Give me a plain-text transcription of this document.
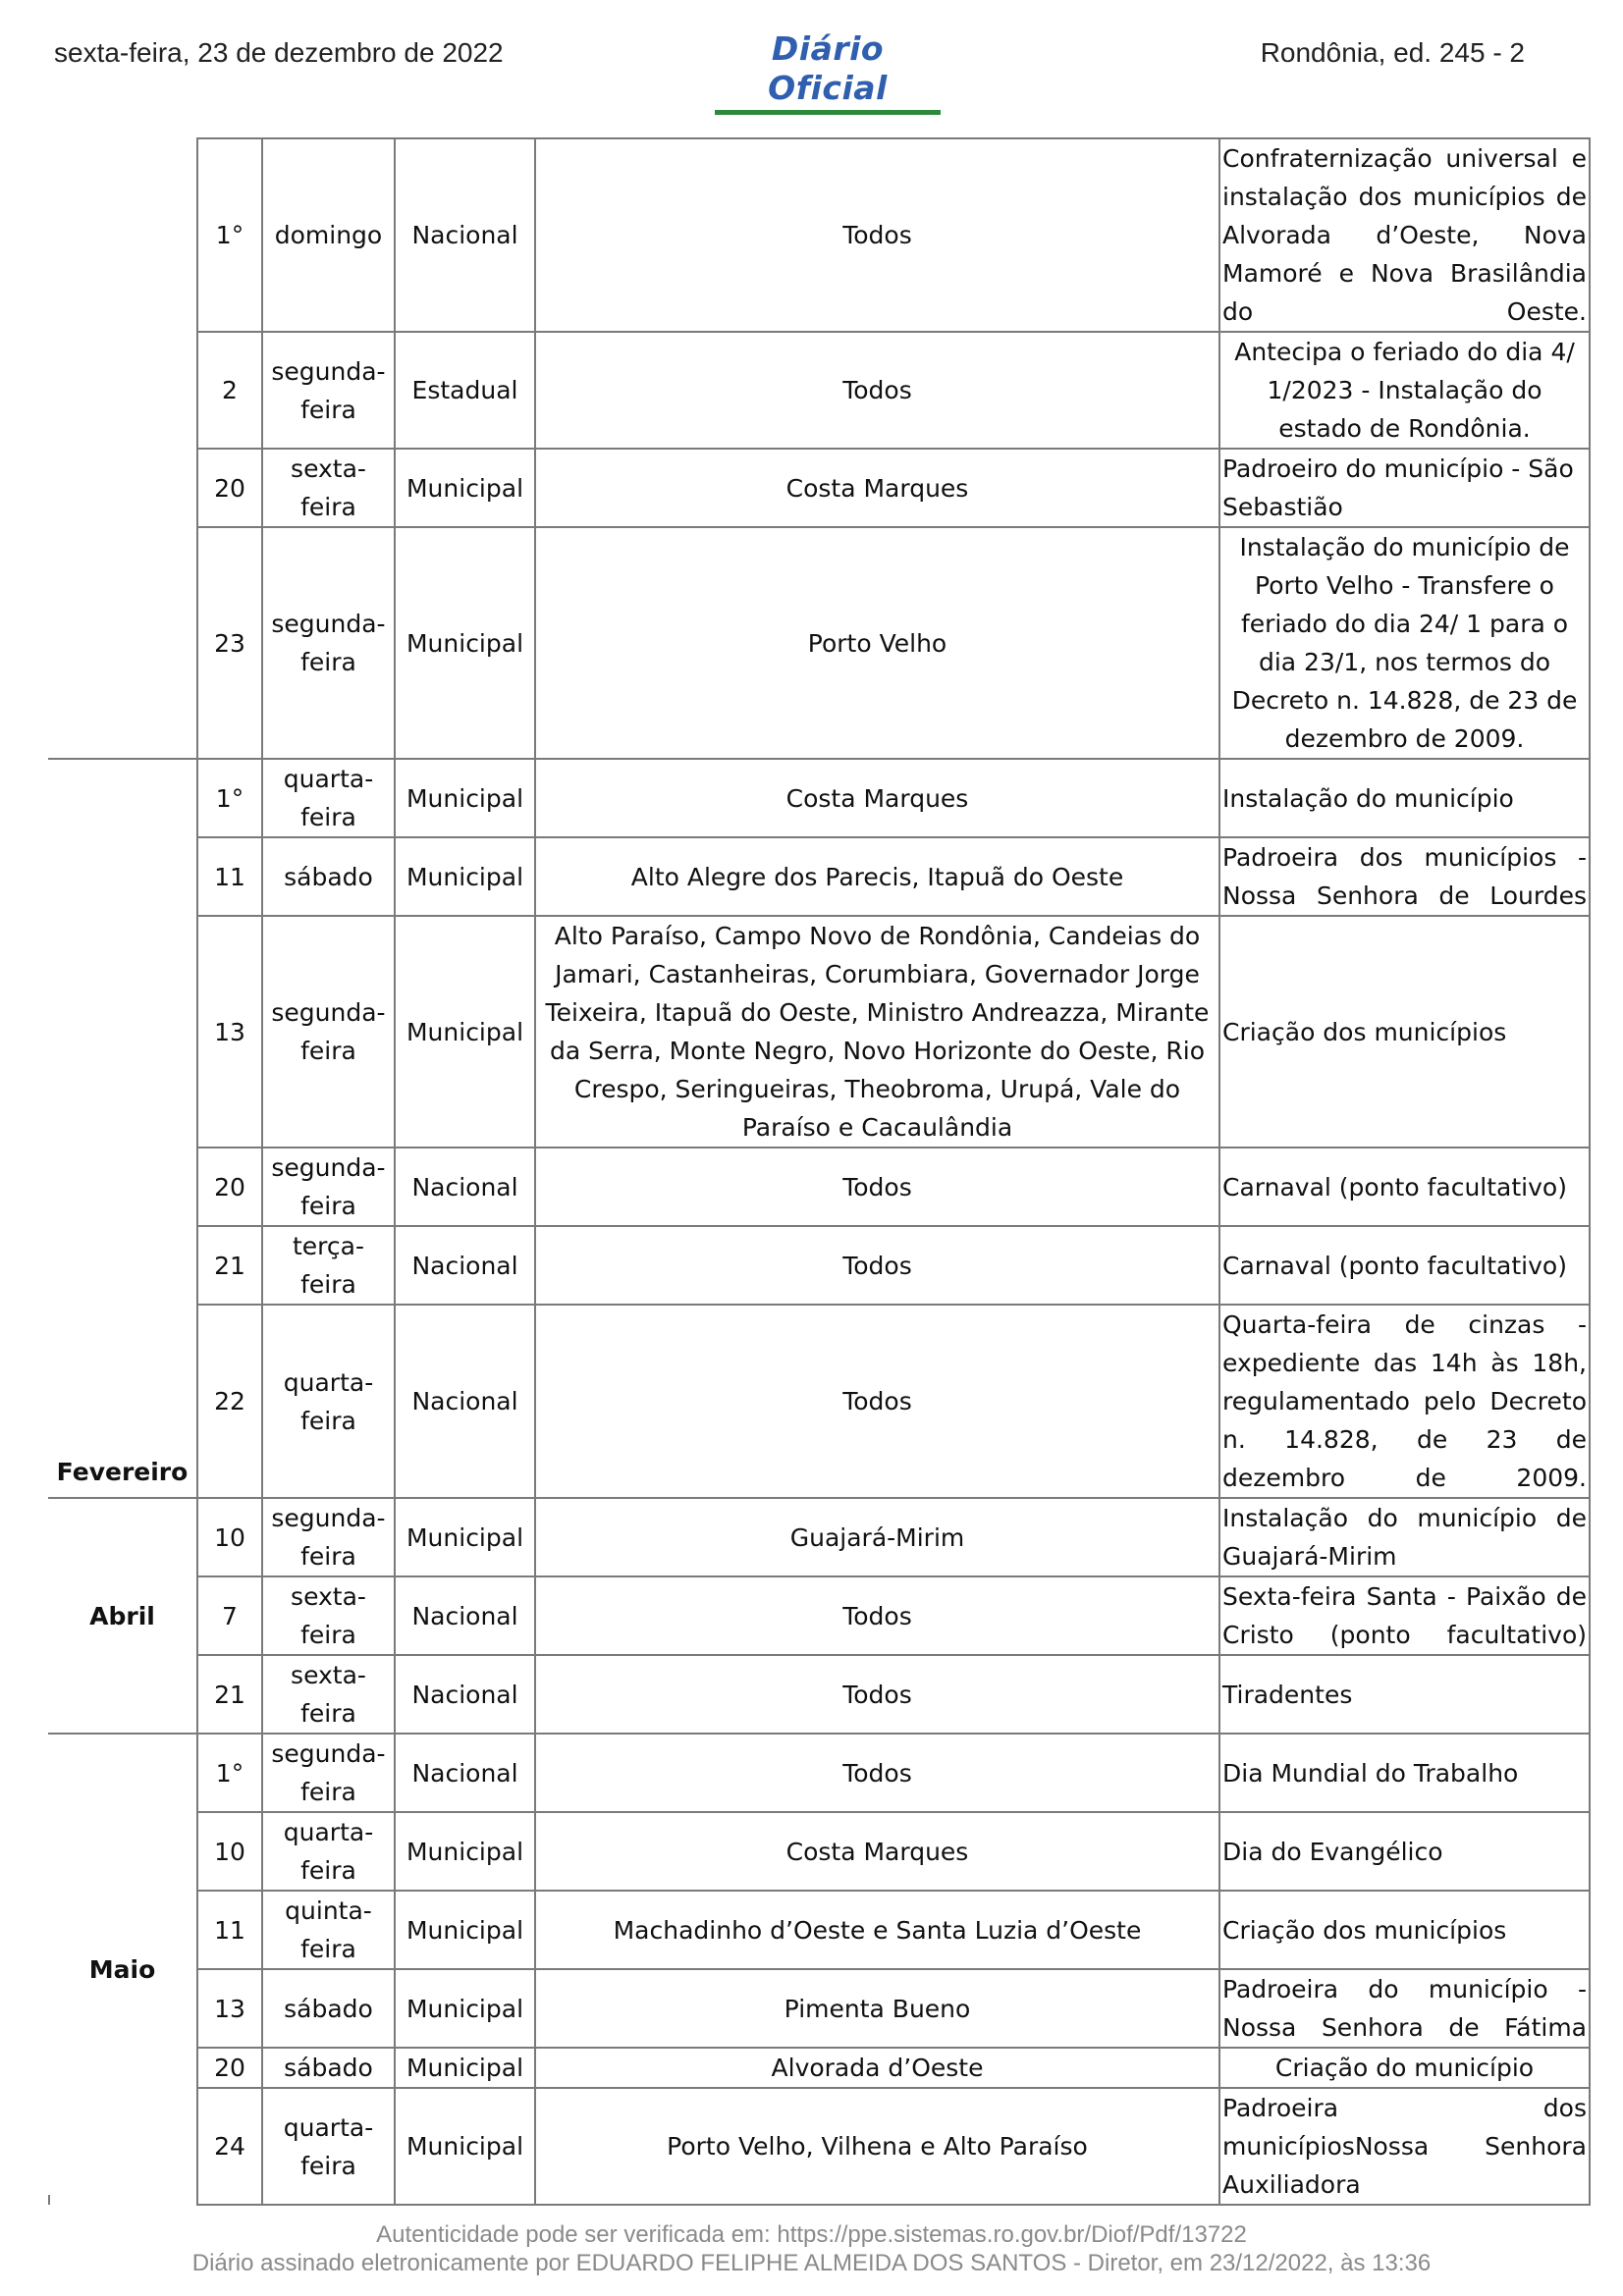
sexta-feira, 23 de dezembro de 2022	Diário Oficial
Rondônia, ed. 245 - 2
	1°	domingo	Nacional	Todos	Confraternização universal e instalação dos municípios de Alvorada d’Oeste, Nova Mamoré e Nova Brasilândia do Oeste.
	2	segunda-feira	Estadual	Todos	Antecipa o feriado do dia 4/ 1/2023 - Instalação do estado de Rondônia.
	20	sexta-feira	Municipal	Costa Marques	Padroeiro do município - São Sebastião
	23	segunda-feira	Municipal	Porto Velho	Instalação do município de Porto Velho - Transfere o feriado do dia 24/ 1 para o dia 23/1, nos termos do Decreto n. 14.828, de 23 de dezembro de 2009.
Fevereiro	1°	quarta-feira	Municipal	Costa Marques	Instalação do município
	11	sábado	Municipal	Alto Alegre dos Parecis, Itapuã do Oeste	Padroeira dos municípios - Nossa Senhora de Lourdes
	13	segunda-feira	Municipal	Alto Paraíso, Campo Novo de Rondônia, Candeias do Jamari, Castanheiras, Corumbiara, Governador Jorge Teixeira, Itapuã do Oeste, Ministro Andreazza, Mirante da Serra, Monte Negro, Novo Horizonte do Oeste, Rio Crespo, Seringueiras, Theobroma, Urupá, Vale do Paraíso e Cacaulândia	Criação dos municípios
	20	segunda-feira	Nacional	Todos	Carnaval (ponto facultativo)
	21	terça-feira	Nacional	Todos	Carnaval (ponto facultativo)
	22	quarta-feira	Nacional	Todos	Quarta-feira de cinzas - expediente das 14h às 18h, regulamentado pelo Decreto n. 14.828, de 23 de dezembro de 2009.
Abril	10	segunda-feira	Municipal	Guajará-Mirim	Instalação do município de Guajará-Mirim
	7	sexta-feira	Nacional	Todos	Sexta-feira Santa - Paixão de Cristo (ponto facultativo)
	21	sexta-feira	Nacional	Todos	Tiradentes
Maio	1°	segunda-feira	Nacional	Todos	Dia Mundial do Trabalho
	10	quarta-feira	Municipal	Costa Marques	Dia do Evangélico
	11	quinta-feira	Municipal	Machadinho d’Oeste e Santa Luzia d’Oeste	Criação dos municípios
	13	sábado	Municipal	Pimenta Bueno	Padroeira do município - Nossa Senhora de Fátima
	20	sábado	Municipal	Alvorada d’Oeste	Criação do município
	24	quarta-feira	Municipal	Porto Velho, Vilhena e Alto Paraíso	Padroeira dos municípiosNossa Senhora Auxiliadora
Autenticidade pode ser verificada em: https://ppe.sistemas.ro.gov.br/Diof/Pdf/13722
Diário assinado eletronicamente por EDUARDO FELIPHE ALMEIDA DOS SANTOS - Diretor, em 23/12/2022, às 13:36
